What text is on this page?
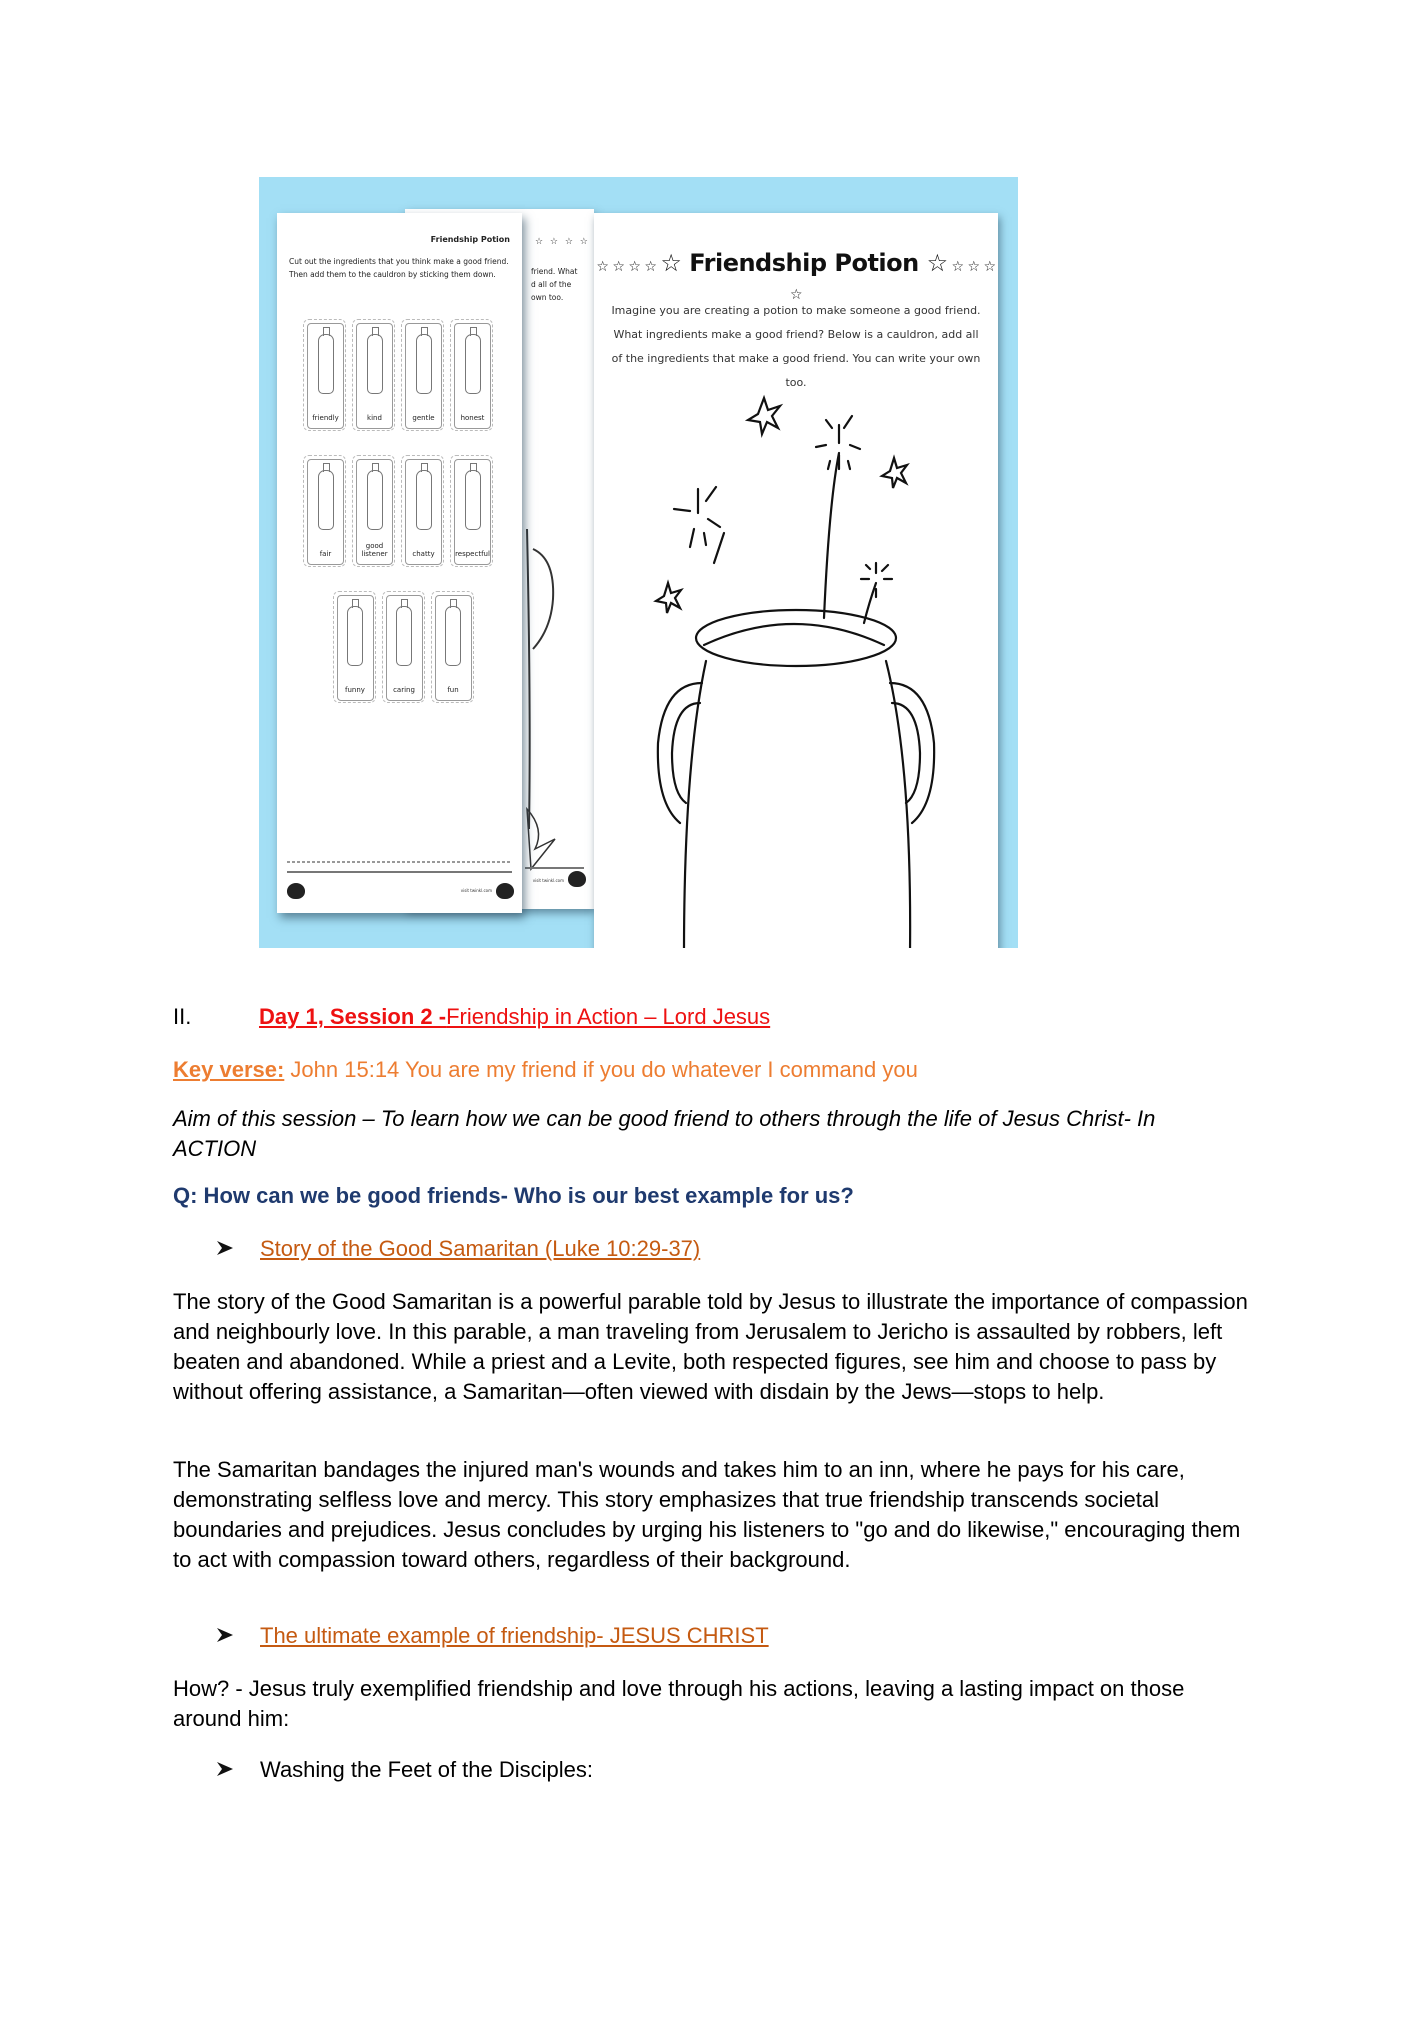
☆ ☆ ☆ ☆
friend. What
d all of the
own too.
visit twinkl.com
Friendship Potion
Cut out the ingredients that you think make a good friend. Then add them to the cauldron by sticking them down.
friendly	kind	gentle	honest
fair
good listener	chatty	respectful
funny	caring	fun
visit twinkl.com
☆ ☆ ☆ ☆ ☆ Friendship Potion ☆ ☆ ☆ ☆ ☆
Imagine you are creating a potion to make someone a good friend. What ingredients make a good friend? Below is a cauldron, add all of the ingredients that make a good friend. You can write your own too.
II.	Day 1, Session 2 -Friendship in Action – Lord Jesus
Key verse: John 15:14 You are my friend if you do whatever I command you
Aim of this session – To learn how we can be good friend to others through the life of Jesus Christ- In ACTION
Q: How can we be good friends- Who is our best example for us?
Story of the Good Samaritan (Luke 10:29-37)
The story of the Good Samaritan is a powerful parable told by Jesus to illustrate the importance of compassion and neighbourly love. In this parable, a man traveling from Jerusalem to Jericho is assaulted by robbers, left beaten and abandoned. While a priest and a Levite, both respected figures, see him and choose to pass by without offering assistance, a Samaritan—often viewed with disdain by the Jews—stops to help.
The Samaritan bandages the injured man's wounds and takes him to an inn, where he pays for his care, demonstrating selfless love and mercy. This story emphasizes that true friendship transcends societal boundaries and prejudices. Jesus concludes by urging his listeners to "go and do likewise," encouraging them to act with compassion toward others, regardless of their background.
The ultimate example of friendship- JESUS CHRIST
How? - Jesus truly exemplified friendship and love through his actions, leaving a lasting impact on those around him:
Washing the Feet of the Disciples:
